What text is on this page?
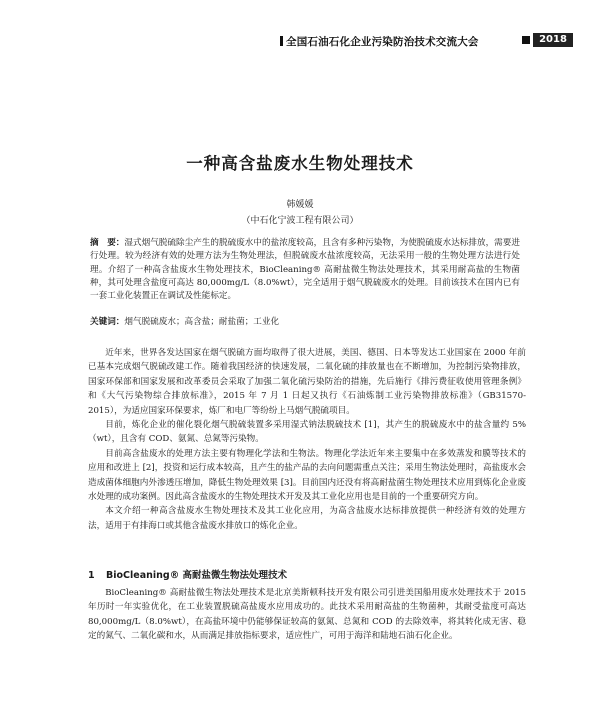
全国石油石化企业污染防治技术交流大会	2018
一种高含盐废水生物处理技术
韩媛媛
（中石化宁波工程有限公司）
摘　要：湿式烟气脱硫除尘产生的脱硫废水中的盐浓度较高，且含有多种污染物，为使脱硫废水达标排放，需要进行处理。较为经济有效的处理方法为生物处理法，但脱硫废水盐浓度较高，无法采用一般的生物处理方法进行处理。介绍了一种高含盐废水生物处理技术，BioCleaning® 高耐盐微生物法处理技术，其采用耐高盐的生物菌种，其可处理含盐度可高达 80,000mg/L（8.0%wt），完全适用于烟气脱硫废水的处理。目前该技术在国内已有一套工业化装置正在调试及性能标定。
关键词：烟气脱硫废水；高含盐；耐盐菌；工业化

近年来，世界各发达国家在烟气脱硫方面均取得了很大进展，美国、德国、日本等发达工业国家在 2000 年前已基本完成烟气脱硫改建工作。随着我国经济的快速发展，二氧化硫的排放量也在不断增加，为控制污染物排放，国家环保部和国家发展和改革委员会采取了加强二氧化硫污染防治的措施，先后施行《排污费征收使用管理条例》和《大气污染物综合排放标准》，2015 年 7 月 1 日起又执行《石油炼制工业污染物排放标准》（GB31570-2015），为适应国家环保要求，炼厂和电厂等纷纷上马烟气脱硫项目。

目前，炼化企业的催化裂化烟气脱硫装置多采用湿式钠法脱硫技术 [1]，其产生的脱硫废水中的盐含量约 5%（wt），且含有 COD、氨氮、总氮等污染物。

目前高含盐废水的处理方法主要有物理化学法和生物法。物理化学法近年来主要集中在多效蒸发和膜等技术的应用和改进上 [2]，投资和运行成本较高，且产生的盐产品的去向问题需重点关注；采用生物法处理时，高盐废水会造成菌体细胞内外渗透压增加，降低生物处理效果 [3]。目前国内还没有将高耐盐菌生物处理技术应用到炼化企业废水处理的成功案例。因此高含盐废水的生物处理技术开发及其工业化应用也是目前的一个重要研究方向。

本文介绍一种高含盐废水生物处理技术及其工业化应用，为高含盐废水达标排放提供一种经济有效的处理方法，适用于有排海口或其他含盐废水排放口的炼化企业。

1 BioCleaning® 高耐盐微生物法处理技术

BioCleaning® 高耐盐微生物法处理技术是北京美斯顿科技开发有限公司引进美国船用废水处理技术于 2015 年历时一年实验优化，在工业装置脱硫高盐废水应用成功的。此技术采用耐高盐的生物菌种，其耐受盐度可高达 80,000mg/L（8.0%wt），在高盐环境中仍能够保证较高的氨氮、总氮和 COD 的去除效率，将其转化成无害、稳定的氮气、二氧化碳和水，从而满足排放指标要求，适应性广，可用于海洋和陆地石油石化企业。
